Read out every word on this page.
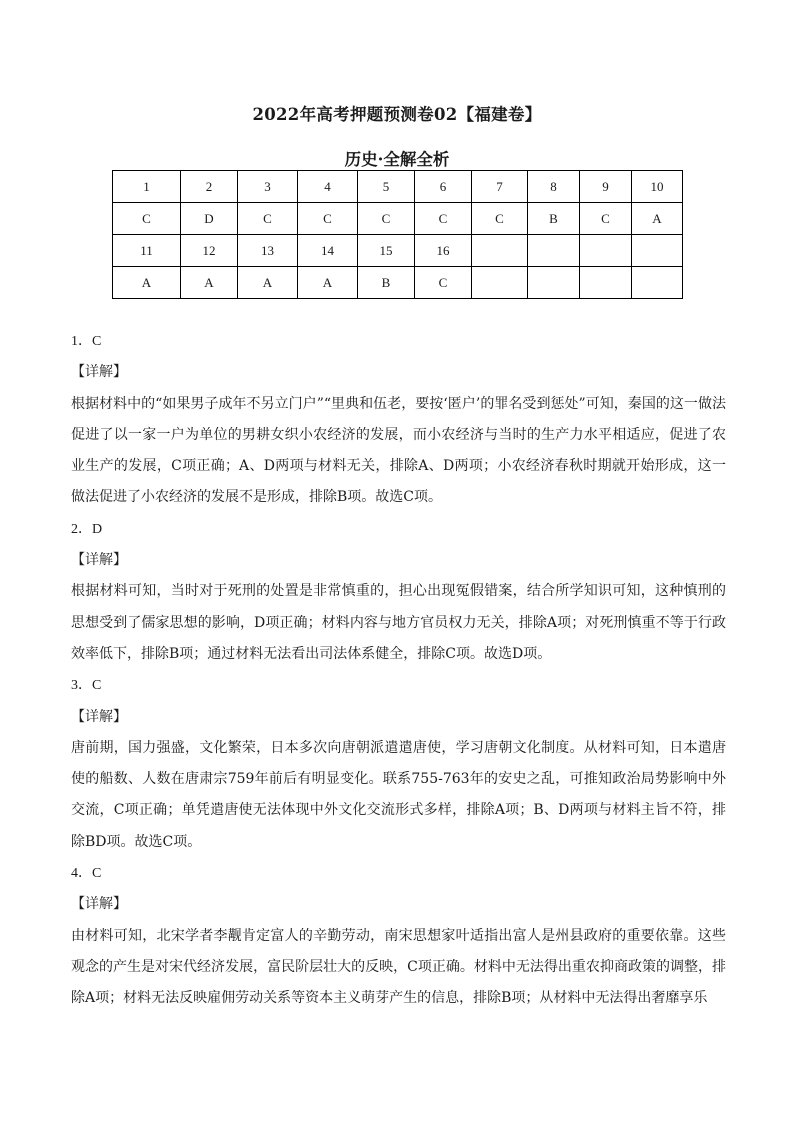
2022年高考押题预测卷02【福建卷】
历史·全解全析
1	2	3	4	5	6	7	8	9	10
C	D	C	C	C	C	C	B	C	A
11	12	13	14	15	16				
A	A	A	A	B	C				

1．C

【详解】

根据材料中的“如果男子成年不另立门户”“里典和伍老，要按‘匿户’的罪名受到惩处”可知，秦国的这一做法促进了以一家一户为单位的男耕女织小农经济的发展，而小农经济与当时的生产力水平相适应，促进了农业生产的发展，C项正确；A、D两项与材料无关，排除A、D两项；小农经济春秋时期就开始形成，这一做法促进了小农经济的发展不是形成，排除B项。故选C项。

2．D

【详解】

根据材料可知，当时对于死刑的处置是非常慎重的，担心出现冤假错案，结合所学知识可知，这种慎刑的思想受到了儒家思想的影响，D项正确；材料内容与地方官员权力无关，排除A项；对死刑慎重不等于行政效率低下，排除B项；通过材料无法看出司法体系健全，排除C项。故选D项。

3．C

【详解】

唐前期，国力强盛，文化繁荣，日本多次向唐朝派遣遣唐使，学习唐朝文化制度。从材料可知，日本遣唐使的船数、人数在唐肃宗759年前后有明显变化。联系755-763年的安史之乱，可推知政治局势影响中外交流，C项正确；单凭遣唐使无法体现中外文化交流形式多样，排除A项；B、D两项与材料主旨不符，排除BD项。故选C项。

4．C

【详解】

由材料可知，北宋学者李觏肯定富人的辛勤劳动，南宋思想家叶适指出富人是州县政府的重要依靠。这些观念的产生是对宋代经济发展，富民阶层壮大的反映，C项正确。材料中无法得出重农抑商政策的调整，排除A项；材料无法反映雇佣劳动关系等资本主义萌芽产生的信息，排除B项；从材料中无法得出奢靡享乐
